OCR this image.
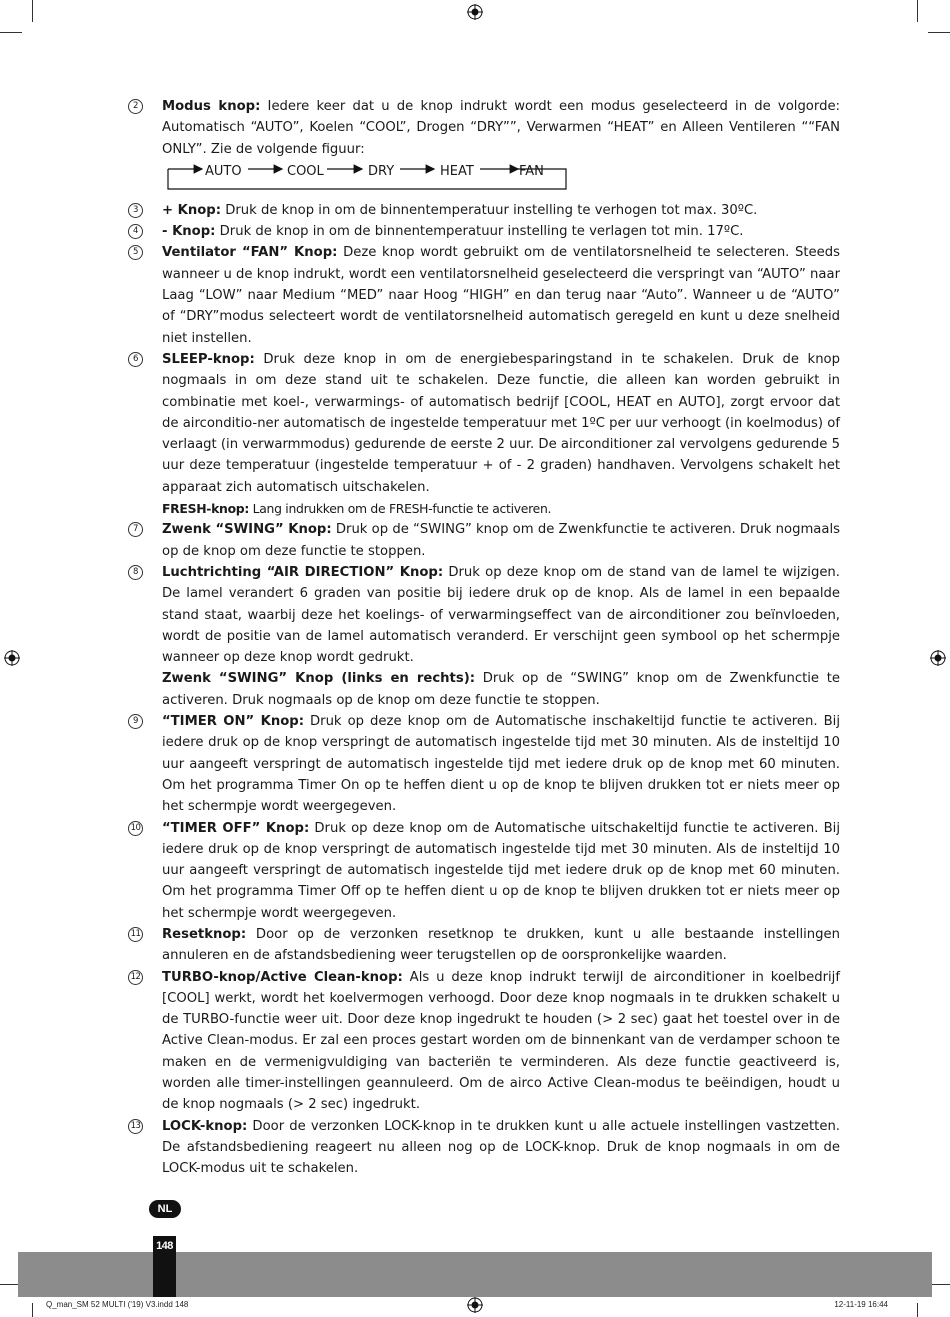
2	Modus knop: Iedere keer dat u de knop indrukt wordt een modus geselecteerd in de volgorde: Automatisch “AUTO”, Koelen “COOL”, Drogen “DRY””, Verwarmen “HEAT” en Alleen Ventileren ““FAN ONLY”. Zie de volgende figuur:
AUTO	COOL	DRY	HEAT	FAN
3	+ Knop: Druk de knop in om de binnentemperatuur instelling te verhogen tot max. 30ºC.
4	- Knop: Druk de knop in om de binnentemperatuur instelling te verlagen tot min. 17ºC.
5	Ventilator “FAN” Knop: Deze knop wordt gebruikt om de ventilatorsnelheid te selecteren. Steeds wanneer u de knop indrukt, wordt een ventilatorsnelheid geselecteerd die verspringt van “AUTO” naar Laag “LOW” naar Medium “MED” naar Hoog “HIGH” en dan terug naar “Auto”. Wanneer u de “AUTO” of “DRY”modus selecteert wordt de ventilatorsnelheid automatisch geregeld en kunt u deze snelheid niet instellen.
6	SLEEP-knop: Druk deze knop in om de energiebesparingstand in te schakelen. Druk de knop nogmaals in om deze stand uit te schakelen. Deze functie, die alleen kan worden gebruikt in combinatie met koel-, verwarmings- of automatisch bedrijf [COOL, HEAT en AUTO], zorgt ervoor dat de airconditio-ner automatisch de ingestelde temperatuur met 1ºC per uur verhoogt (in koelmodus) of verlaagt (in verwarmmodus) gedurende de eerste 2 uur. De airconditioner zal vervolgens gedurende 5 uur deze temperatuur (ingestelde temperatuur + of - 2 graden) handhaven. Vervolgens schakelt het apparaat zich automatisch uitschakelen.
FRESH-knop: Lang indrukken om de FRESH-functie te activeren.
7	Zwenk “SWING” Knop: Druk op de “SWING” knop om de Zwenkfunctie te activeren. Druk nogmaals op de knop om deze functie te stoppen.
8	Luchtrichting “AIR DIRECTION” Knop: Druk op deze knop om de stand van de lamel te wijzigen. De lamel verandert 6 graden van positie bij iedere druk op de knop. Als de lamel in een bepaalde stand staat, waarbij deze het koelings- of verwarmingseffect van de airconditioner zou beïnvloeden, wordt de positie van de lamel automatisch veranderd. Er verschijnt geen symbool op het schermpje wanneer op deze knop wordt gedrukt.
Zwenk “SWING” Knop (links en rechts): Druk op de “SWING” knop om de Zwenkfunctie te activeren. Druk nogmaals op de knop om deze functie te stoppen.
9	“TIMER ON” Knop: Druk op deze knop om de Automatische inschakeltijd functie te activeren. Bij iedere druk op de knop verspringt de automatisch ingestelde tijd met 30 minuten. Als de insteltijd 10 uur aangeeft verspringt de automatisch ingestelde tijd met iedere druk op de knop met 60 minuten. Om het programma Timer On op te heffen dient u op de knop te blijven drukken tot er niets meer op het schermpje wordt weergegeven.
10 “TIMER OFF” Knop: Druk op deze knop om de Automatische uitschakeltijd functie te activeren. Bij iedere druk op de knop verspringt de automatisch ingestelde tijd met 30 minuten. Als de insteltijd 10 uur aangeeft verspringt de automatisch ingestelde tijd met iedere druk op de knop met 60 minuten. Om het programma Timer Off op te heffen dient u op de knop te blijven drukken tot er niets meer op het schermpje wordt weergegeven.
11 Resetknop: Door op de verzonken resetknop te drukken, kunt u alle bestaande instellingen annuleren en de afstandsbediening weer terugstellen op de oorspronkelijke waarden.
12 TURBO-knop/Active Clean-knop: Als u deze knop indrukt terwijl de airconditioner in koelbedrijf [COOL] werkt, wordt het koelvermogen verhoogd. Door deze knop nogmaals in te drukken schakelt u de TURBO-functie weer uit. Door deze knop ingedrukt te houden (> 2 sec) gaat het toestel over in de Active Clean-modus. Er zal een proces gestart worden om de binnenkant van de verdamper schoon te maken en de vermenigvuldiging van bacteriën te verminderen. Als deze functie geactiveerd is, worden alle timer-instellingen geannuleerd. Om de airco Active Clean-modus te beëindigen, houdt u de knop nogmaals (> 2 sec) ingedrukt.
13 LOCK-knop: Door de verzonken LOCK-knop in te drukken kunt u alle actuele instellingen vastzetten. De afstandsbediening reageert nu alleen nog op de LOCK-knop. Druk de knop nogmaals in om de LOCK-modus uit te schakelen.
NL
148
Q_man_SM 52 MULTI ('19) V3.indd 148	12-11-19 16:44
